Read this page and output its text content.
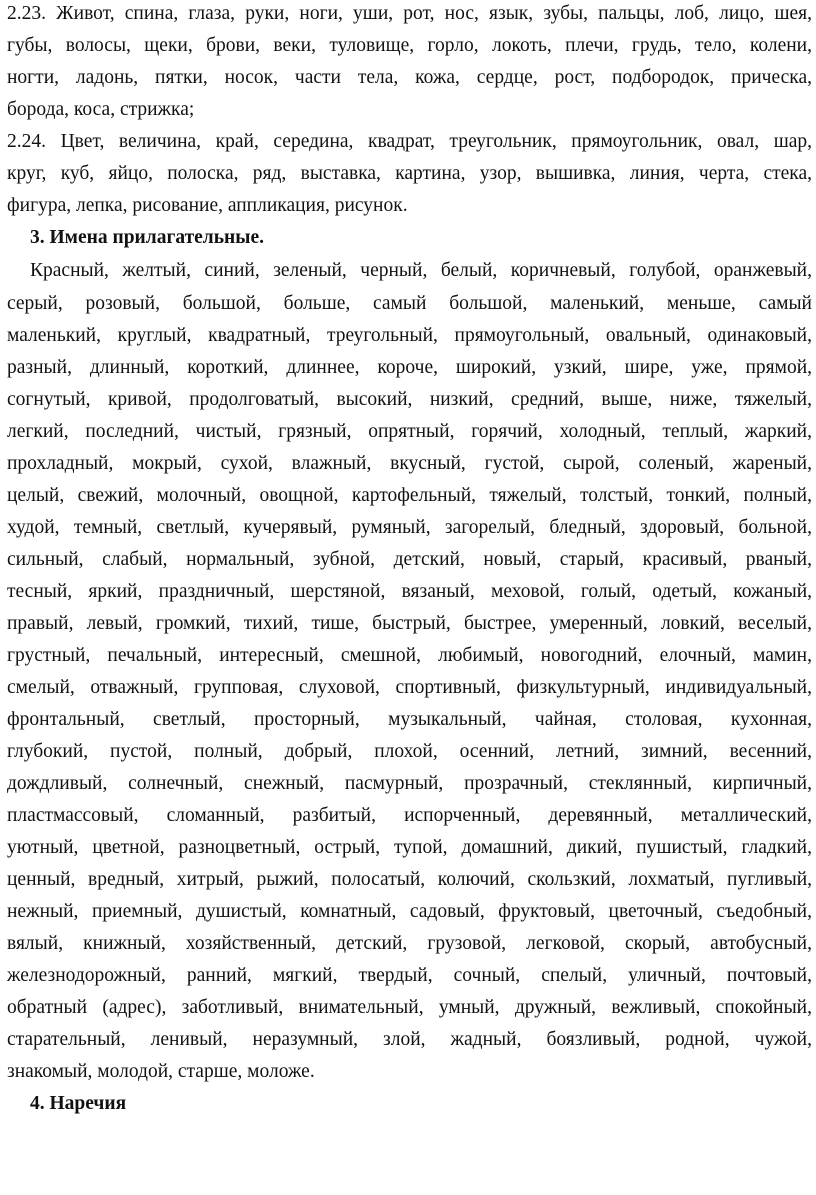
2.23. Живот, спина, глаза, руки, ноги, уши, рот, нос, язык, зубы, пальцы, лоб, лицо, шея,
губы, волосы, щеки, брови, веки, туловище, горло, локоть, плечи, грудь, тело, колени,
ногти, ладонь, пятки, носок, части тела, кожа, сердце, рост, подбородок, прическа,
борода, коса, стрижка;
2.24. Цвет, величина, край, середина, квадрат, треугольник, прямоугольник, овал, шар,
круг, куб, яйцо, полоска, ряд, выставка, картина, узор, вышивка, линия, черта, стека,
фигура, лепка, рисование, аппликация, рисунок.
3. Имена прилагательные.
Красный, желтый, синий, зеленый, черный, белый, коричневый, голубой, оранжевый,
серый, розовый, большой, больше, самый большой, маленький, меньше, самый
маленький, круглый, квадратный, треугольный, прямоугольный, овальный, одинаковый,
разный, длинный, короткий, длиннее, короче, широкий, узкий, шире, уже, прямой,
согнутый, кривой, продолговатый, высокий, низкий, средний, выше, ниже, тяжелый,
легкий, последний, чистый, грязный, опрятный, горячий, холодный, теплый, жаркий,
прохладный, мокрый, сухой, влажный, вкусный, густой, сырой, соленый, жареный,
целый, свежий, молочный, овощной, картофельный, тяжелый, толстый, тонкий, полный,
худой, темный, светлый, кучерявый, румяный, загорелый, бледный, здоровый, больной,
сильный, слабый, нормальный, зубной, детский, новый, старый, красивый, рваный,
тесный, яркий, праздничный, шерстяной, вязаный, меховой, голый, одетый, кожаный,
правый, левый, громкий, тихий, тише, быстрый, быстрее, умеренный, ловкий, веселый,
грустный, печальный, интересный, смешной, любимый, новогодний, елочный, мамин,
смелый, отважный, групповая, слуховой, спортивный, физкультурный, индивидуальный,
фронтальный, светлый, просторный, музыкальный, чайная, столовая, кухонная,
глубокий, пустой, полный, добрый, плохой, осенний, летний, зимний, весенний,
дождливый, солнечный, снежный, пасмурный, прозрачный, стеклянный, кирпичный,
пластмассовый, сломанный, разбитый, испорченный, деревянный, металлический,
уютный, цветной, разноцветный, острый, тупой, домашний, дикий, пушистый, гладкий,
ценный, вредный, хитрый, рыжий, полосатый, колючий, скользкий, лохматый, пугливый,
нежный, приемный, душистый, комнатный, садовый, фруктовый, цветочный, съедобный,
вялый, книжный, хозяйственный, детский, грузовой, легковой, скорый, автобусный,
железнодорожный, ранний, мягкий, твердый, сочный, спелый, уличный, почтовый,
обратный (адрес), заботливый, внимательный, умный, дружный, вежливый, спокойный,
старательный, ленивый, неразумный, злой, жадный, боязливый, родной, чужой,
знакомый, молодой, старше, моложе.
4. Наречия
